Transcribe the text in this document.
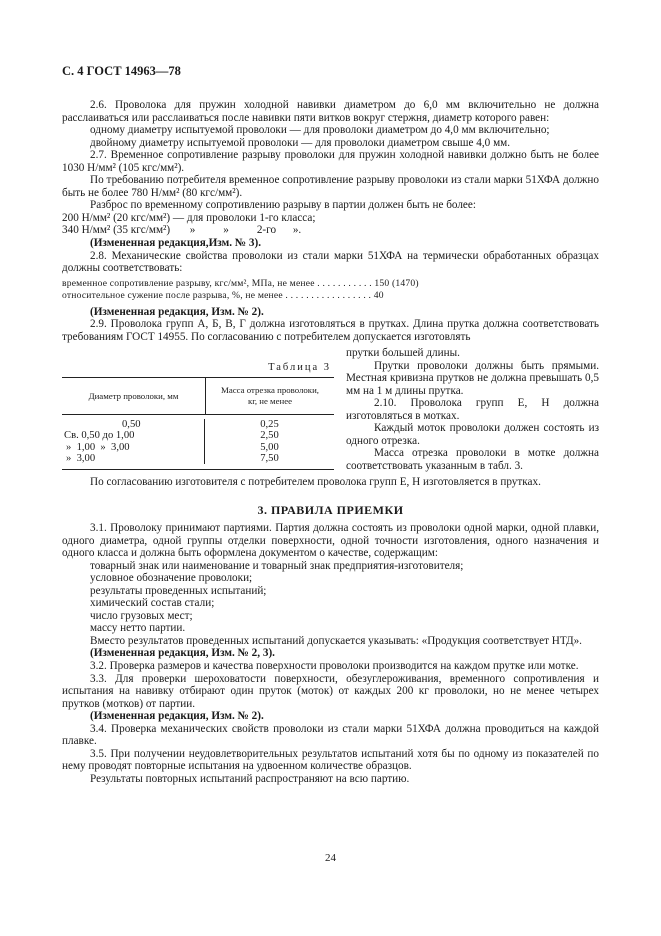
С. 4 ГОСТ 14963—78

2.6. Проволока для пружин холодной навивки диаметром до 6,0 мм включительно не должна расслаиваться или расслаиваться после навивки пяти витков вокруг стержня, диаметр которого равен:

одному диаметру испытуемой проволоки — для проволоки диаметром до 4,0 мм включительно;

двойному диаметру испытуемой проволоки — для проволоки диаметром свыше 4,0 мм.

2.7. Временное сопротивление разрыву проволоки для пружин холодной навивки должно быть не более 1030 Н/мм² (105 кгс/мм²).

По требованию потребителя временное сопротивление разрыву проволоки из стали марки 51ХФА должно быть не более 780 Н/мм² (80 кгс/мм²).

Разброс по временному сопротивлению разрыву в партии должен быть не более:

200 Н/мм² (20 кгс/мм²) — для проволоки 1-го класса;

340 Н/мм² (35 кгс/мм²)       »          »          2-го      ».

(Измененная редакция,Изм. № 3).

2.8. Механические свойства проволоки из стали марки 51ХФА на термически обработанных образцах должны соответствовать:

временное сопротивление разрыву, кгс/мм², МПа, не менее . . . . . . . . . . . 150 (1470)

относительное сужение после разрыва, %, не менее . . . . . . . . . . . . . . . . . 40

(Измененная редакция, Изм. № 2).

2.9. Проволока групп А, Б, В, Г должна изготовляться в прутках. Длина прутка должна соответствовать требованиям ГОСТ 14955. По согласованию с потребителем допускается изготовлять

Таблица 3
Диаметр проволоки, мм
Масса отрезка проволоки,
кг, не менее
0,50
Св. 0,50 до 1,00
»  1,00  »  3,00
»  3,00
0,25
2,50
5,00
7,50

прутки большей длины.

Прутки проволоки должны быть прямыми. Местная кривизна прутков не должна превышать 0,5 мм на 1 м длины прутка.

2.10. Проволока групп Е, Н должна изготовляться в мотках.

Каждый моток проволоки должен состоять из одного отрезка.

Масса отрезка проволоки в мотке должна соответствовать указанным в табл. 3.

По согласованию изготовителя с потребителем проволока групп Е, Н изготовляется в прутках.

3. ПРАВИЛА ПРИЕМКИ

3.1. Проволоку принимают партиями. Партия должна состоять из проволоки одной марки, одной плавки, одного диаметра, одной группы отделки поверхности, одной точности изготовления, одного назначения и одного класса и должна быть оформлена документом о качестве, содержащим:

товарный знак или наименование и товарный знак предприятия-изготовителя;

условное обозначение проволоки;

результаты проведенных испытаний;

химический состав стали;

число грузовых мест;

массу нетто партии.

Вместо результатов проведенных испытаний допускается указывать: «Продукция соответствует НТД».

(Измененная редакция, Изм. № 2, 3).

3.2. Проверка размеров и качества поверхности проволоки производится на каждом прутке или мотке.

3.3. Для проверки шероховатости поверхности, обезуглероживания, временного сопротивления и испытания на навивку отбирают один пруток (моток) от каждых 200 кг проволоки, но не менее четырех прутков (мотков) от партии.

(Измененная редакция, Изм. № 2).

3.4. Проверка механических свойств проволоки из стали марки 51ХФА должна проводиться на каждой плавке.

3.5. При получении неудовлетворительных результатов испытаний хотя бы по одному из показателей по нему проводят повторные испытания на удвоенном количестве образцов.

Результаты повторных испытаний распространяют на всю партию.

24
